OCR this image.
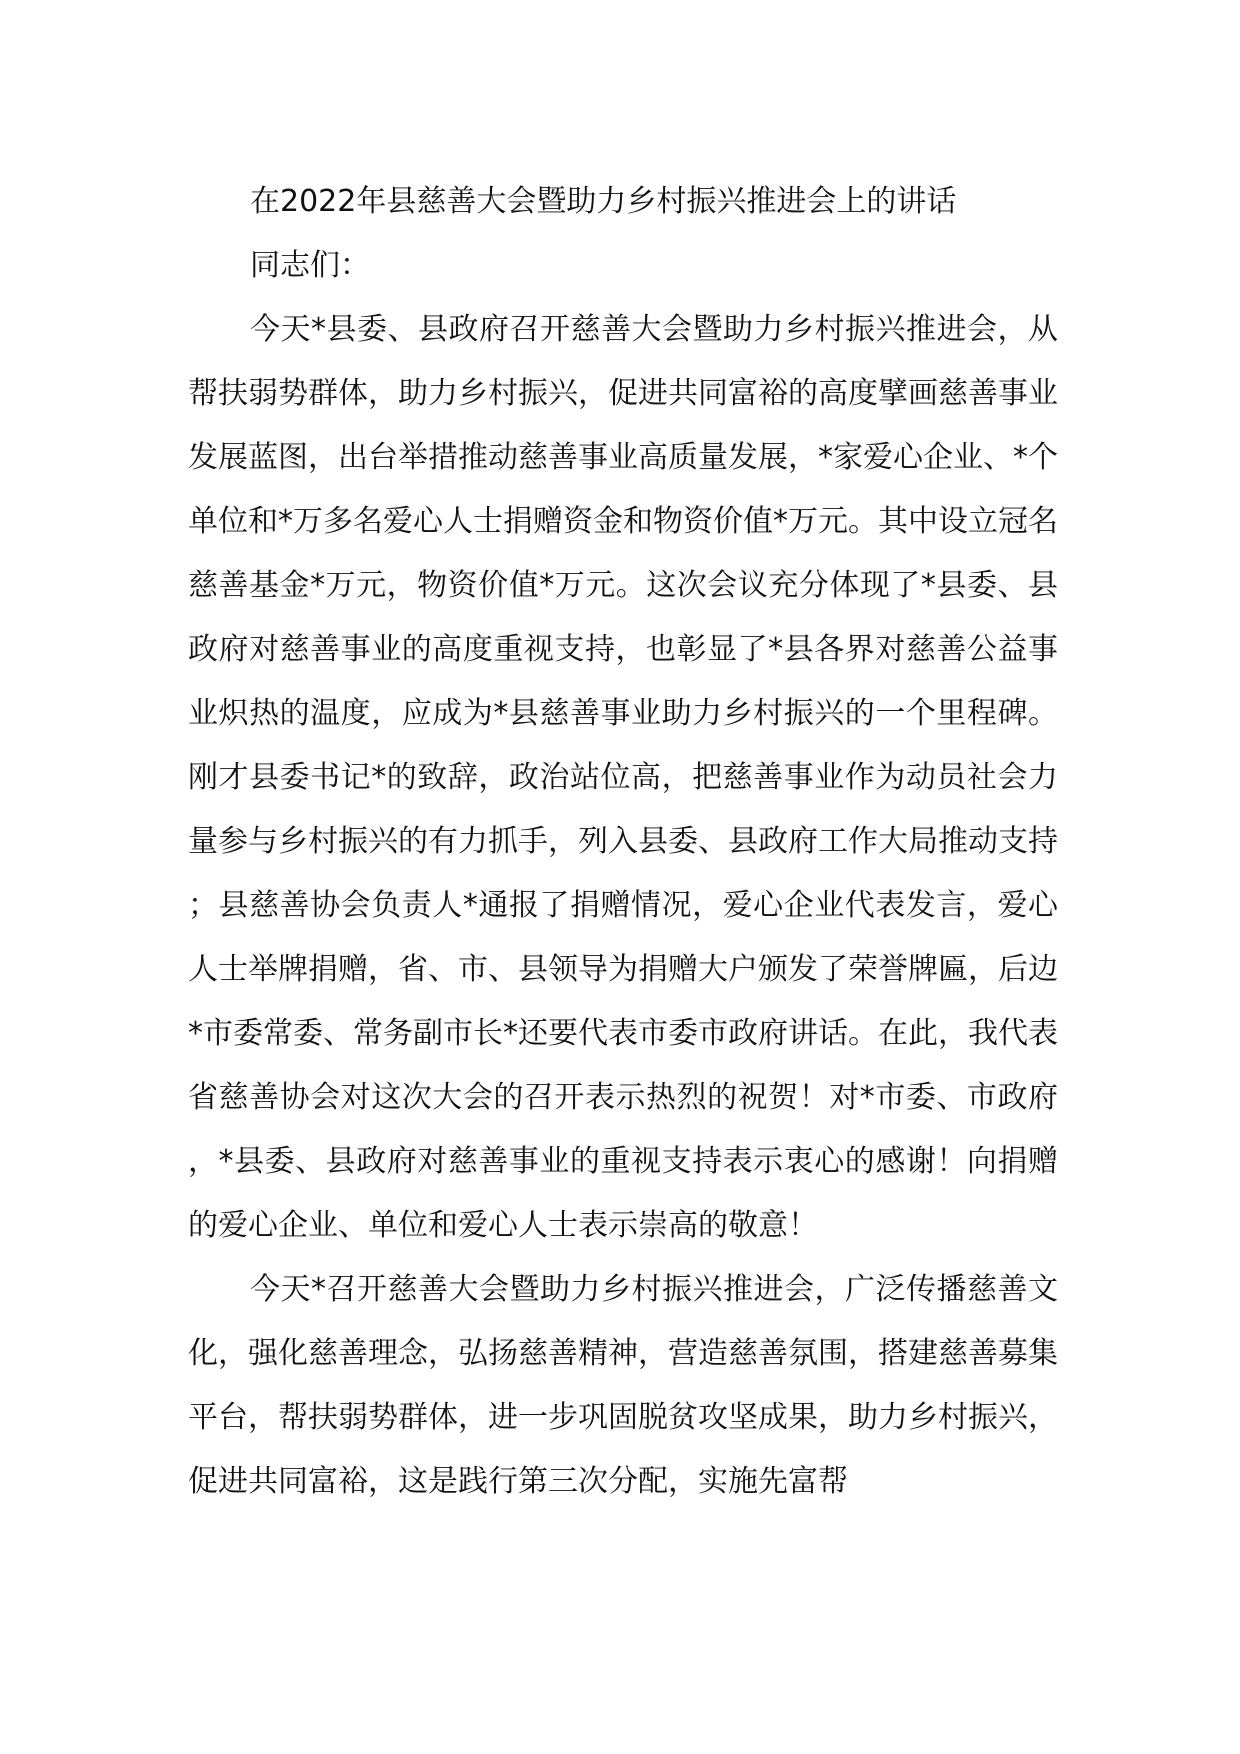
在2022年县慈善大会暨助力乡村振兴推进会上的讲话

同志们：

今天*县委、县政府召开慈善大会暨助力乡村振兴推进会，从帮扶弱势群体，助力乡村振兴，促进共同富裕的高度擘画慈善事业发展蓝图，出台举措推动慈善事业高质量发展，*家爱心企业、*个单位和*万多名爱心人士捐赠资金和物资价值*万元。其中设立冠名慈善基金*万元，物资价值*万元。这次会议充分体现了*县委、县政府对慈善事业的高度重视支持，也彰显了*县各界对慈善公益事业炽热的温度，应成为*县慈善事业助力乡村振兴的一个里程碑。刚才县委书记*的致辞，政治站位高，把慈善事业作为动员社会力量参与乡村振兴的有力抓手，列入县委、县政府工作大局推动支持；县慈善协会负责人*通报了捐赠情况，爱心企业代表发言，爱心人士举牌捐赠，省、市、县领导为捐赠大户颁发了荣誉牌匾，后边*市委常委、常务副市长*还要代表市委市政府讲话。在此，我代表省慈善协会对这次大会的召开表示热烈的祝贺！对*市委、市政府，*县委、县政府对慈善事业的重视支持表示衷心的感谢！向捐赠的爱心企业、单位和爱心人士表示崇高的敬意！

今天*召开慈善大会暨助力乡村振兴推进会，广泛传播慈善文化，强化慈善理念，弘扬慈善精神，营造慈善氛围，搭建慈善募集平台，帮扶弱势群体，进一步巩固脱贫攻坚成果，助力乡村振兴，促进共同富裕，这是践行第三次分配，实施先富帮
